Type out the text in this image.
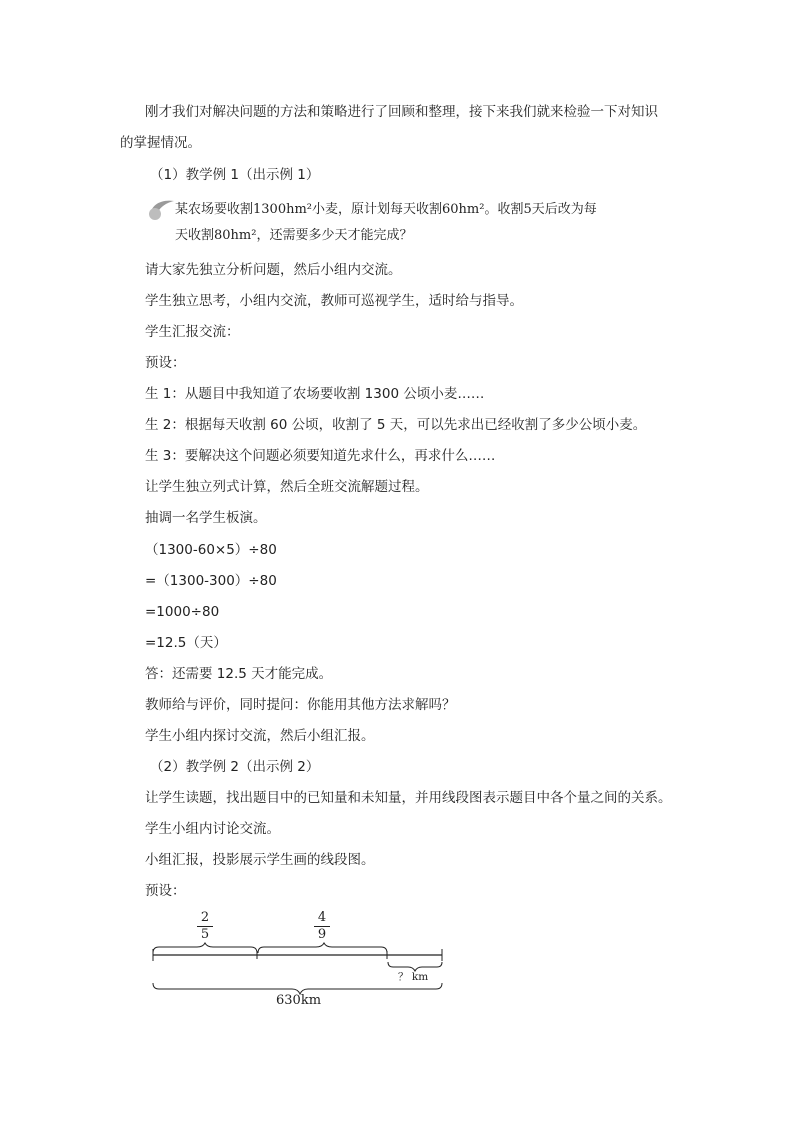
刚才我们对解决问题的方法和策略进行了回顾和整理，接下来我们就来检验一下对知识
的掌握情况。
（1）教学例 1（出示例 1）
1 某农场要收割1300hm²小麦，原计划每天收割60hm²。收割5天后改为每
天收割80hm²，还需要多少天才能完成？
请大家先独立分析问题，然后小组内交流。
学生独立思考，小组内交流，教师可巡视学生，适时给与指导。
学生汇报交流：
预设：
生 1：从题目中我知道了农场要收割 1300 公顷小麦……
生 2：根据每天收割 60 公顷，收割了 5 天，可以先求出已经收割了多少公顷小麦。
生 3：要解决这个问题必须要知道先求什么，再求什么……
让学生独立列式计算，然后全班交流解题过程。
抽调一名学生板演。
（1300-60×5）÷80
=（1300-300）÷80
=1000÷80
=12.5（天）
答：还需要 12.5 天才能完成。
教师给与评价，同时提问：你能用其他方法求解吗？
学生小组内探讨交流，然后小组汇报。
（2）教学例 2（出示例 2）
让学生读题，找出题目中的已知量和未知量，并用线段图表示题目中各个量之间的关系。
学生小组内讨论交流。
小组汇报，投影展示学生画的线段图。
预设：
2
5
4
9
？ km
630km
